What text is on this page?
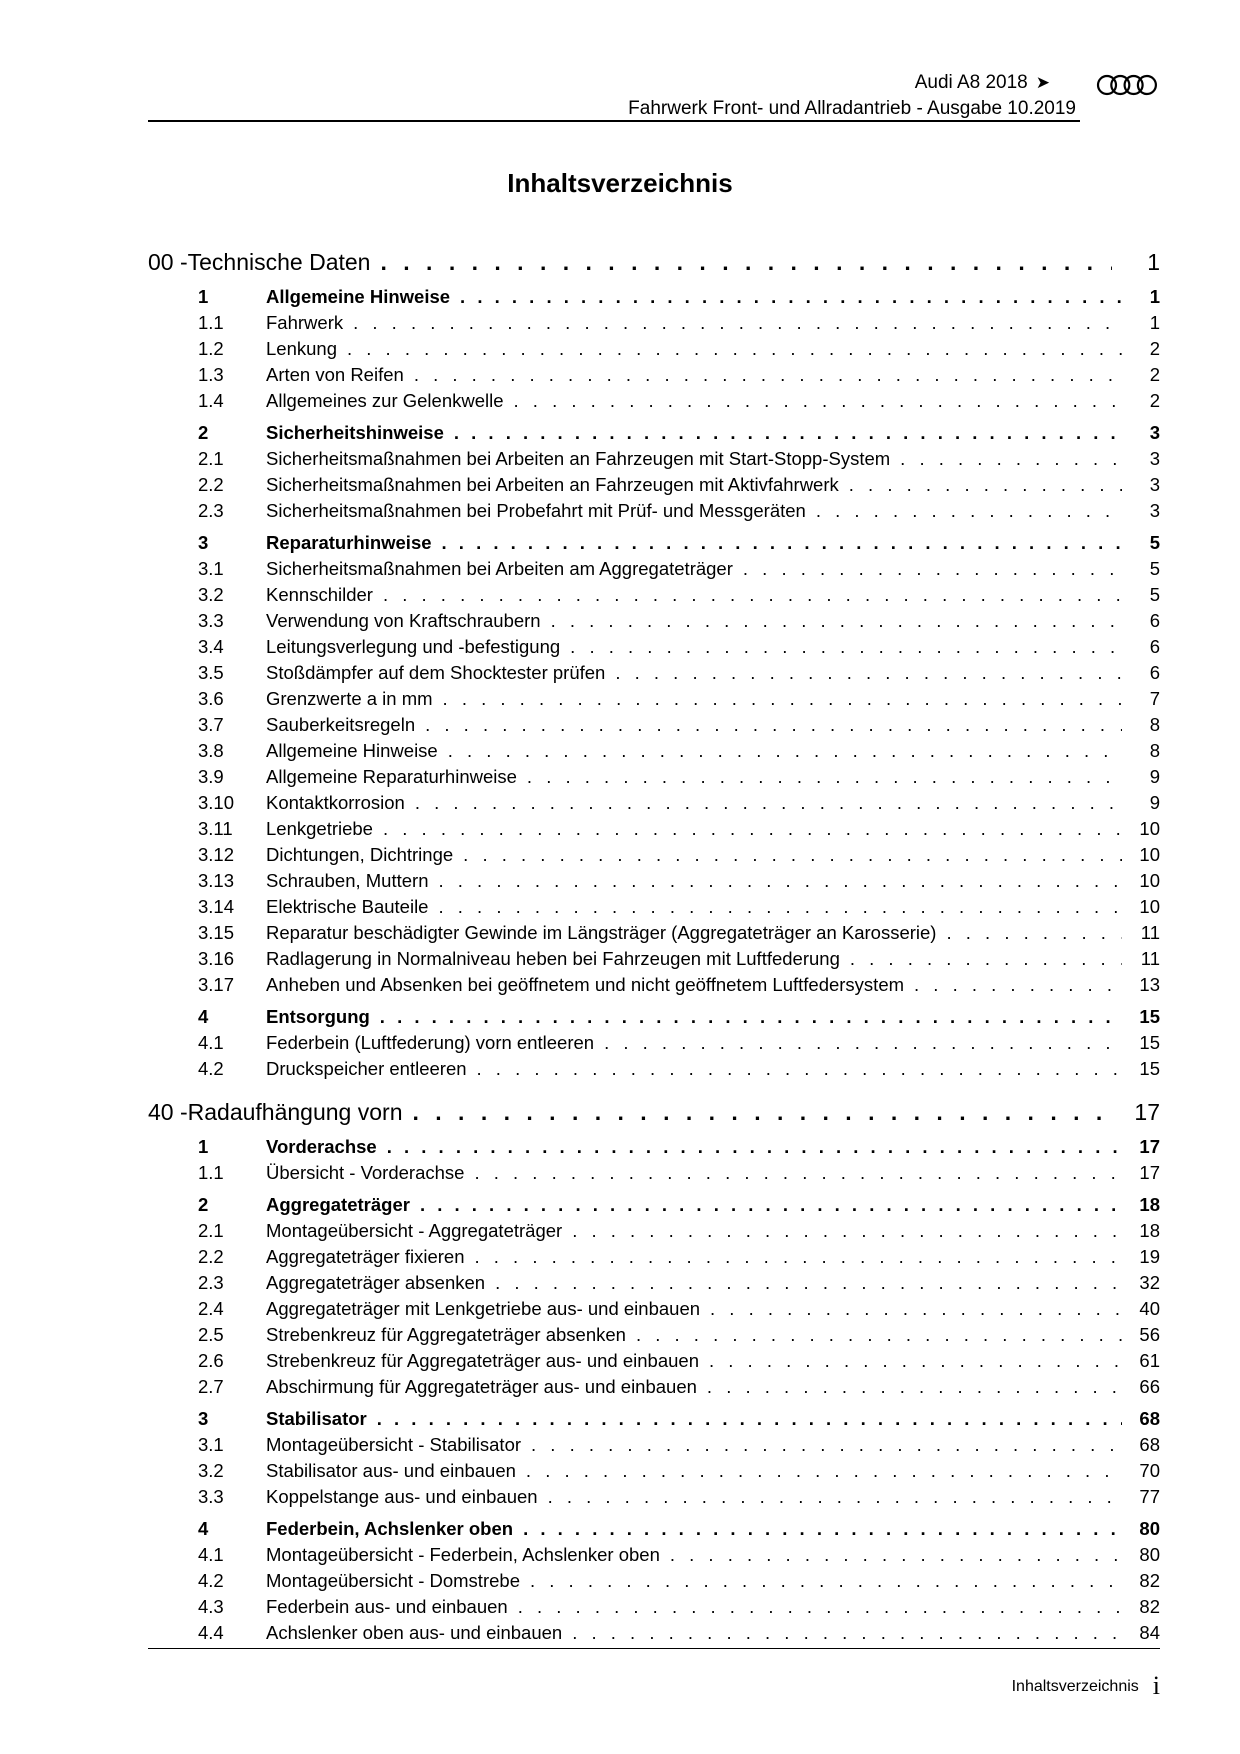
Audi A8 2018 ➤
Fahrwerk Front- und Allradantrieb - Ausgabe 10.2019
Inhaltsverzeichnis
00 - Technische Daten . . .	1
1	Allgemeine Hinweise . . .	1
1.1	Fahrwerk . . .	1
1.2	Lenkung . . .	2
1.3	Arten von Reifen . . .	2
1.4	Allgemeines zur Gelenkwelle . . .	2
2	Sicherheitshinweise . . .	3
2.1	Sicherheitsmaßnahmen bei Arbeiten an Fahrzeugen mit Start-Stopp-System . . .	3
2.2	Sicherheitsmaßnahmen bei Arbeiten an Fahrzeugen mit Aktivfahrwerk . . .	3
2.3	Sicherheitsmaßnahmen bei Probefahrt mit Prüf- und Messgeräten . . .	3
3	Reparaturhinweise . . .	5
3.1	Sicherheitsmaßnahmen bei Arbeiten am Aggregateträger . . .	5
3.2	Kennschilder . . .	5
3.3	Verwendung von Kraftschraubern . . .	6
3.4	Leitungsverlegung und -befestigung . . .	6
3.5	Stoßdämpfer auf dem Shocktester prüfen . . .	6
3.6	Grenzwerte a in mm . . .	7
3.7	Sauberkeitsregeln . . .	8
3.8	Allgemeine Hinweise . . .	8
3.9	Allgemeine Reparaturhinweise . . .	9
3.10	Kontaktkorrosion . . .	9
3.11	Lenkgetriebe . . .	10
3.12	Dichtungen, Dichtringe . . .	10
3.13	Schrauben, Muttern . . .	10
3.14	Elektrische Bauteile . . .	10
3.15	Reparatur beschädigter Gewinde im Längsträger (Aggregateträger an Karosserie) . . .	11
3.16	Radlagerung in Normalniveau heben bei Fahrzeugen mit Luftfederung . . .	11
3.17	Anheben und Absenken bei geöffnetem und nicht geöffnetem Luftfedersystem . . .	13
4	Entsorgung . . .	15
4.1	Federbein (Luftfederung) vorn entleeren . . .	15
4.2	Druckspeicher entleeren . . .	15
40 - Radaufhängung vorn . . .	17
1	Vorderachse . . .	17
1.1	Übersicht - Vorderachse . . .	17
2	Aggregateträger . . .	18
2.1	Montageübersicht - Aggregateträger . . .	18
2.2	Aggregateträger fixieren . . .	19
2.3	Aggregateträger absenken . . .	32
2.4	Aggregateträger mit Lenkgetriebe aus- und einbauen . . .	40
2.5	Strebenkreuz für Aggregateträger absenken . . .	56
2.6	Strebenkreuz für Aggregateträger aus- und einbauen . . .	61
2.7	Abschirmung für Aggregateträger aus- und einbauen . . .	66
3	Stabilisator . . .	68
3.1	Montageübersicht - Stabilisator . . .	68
3.2	Stabilisator aus- und einbauen . . .	70
3.3	Koppelstange aus- und einbauen . . .	77
4	Federbein, Achslenker oben . . .	80
4.1	Montageübersicht - Federbein, Achslenker oben . . .	80
4.2	Montageübersicht - Domstrebe . . .	82
4.3	Federbein aus- und einbauen . . .	82
4.4	Achslenker oben aus- und einbauen . . .	84
Inhaltsverzeichnis i
